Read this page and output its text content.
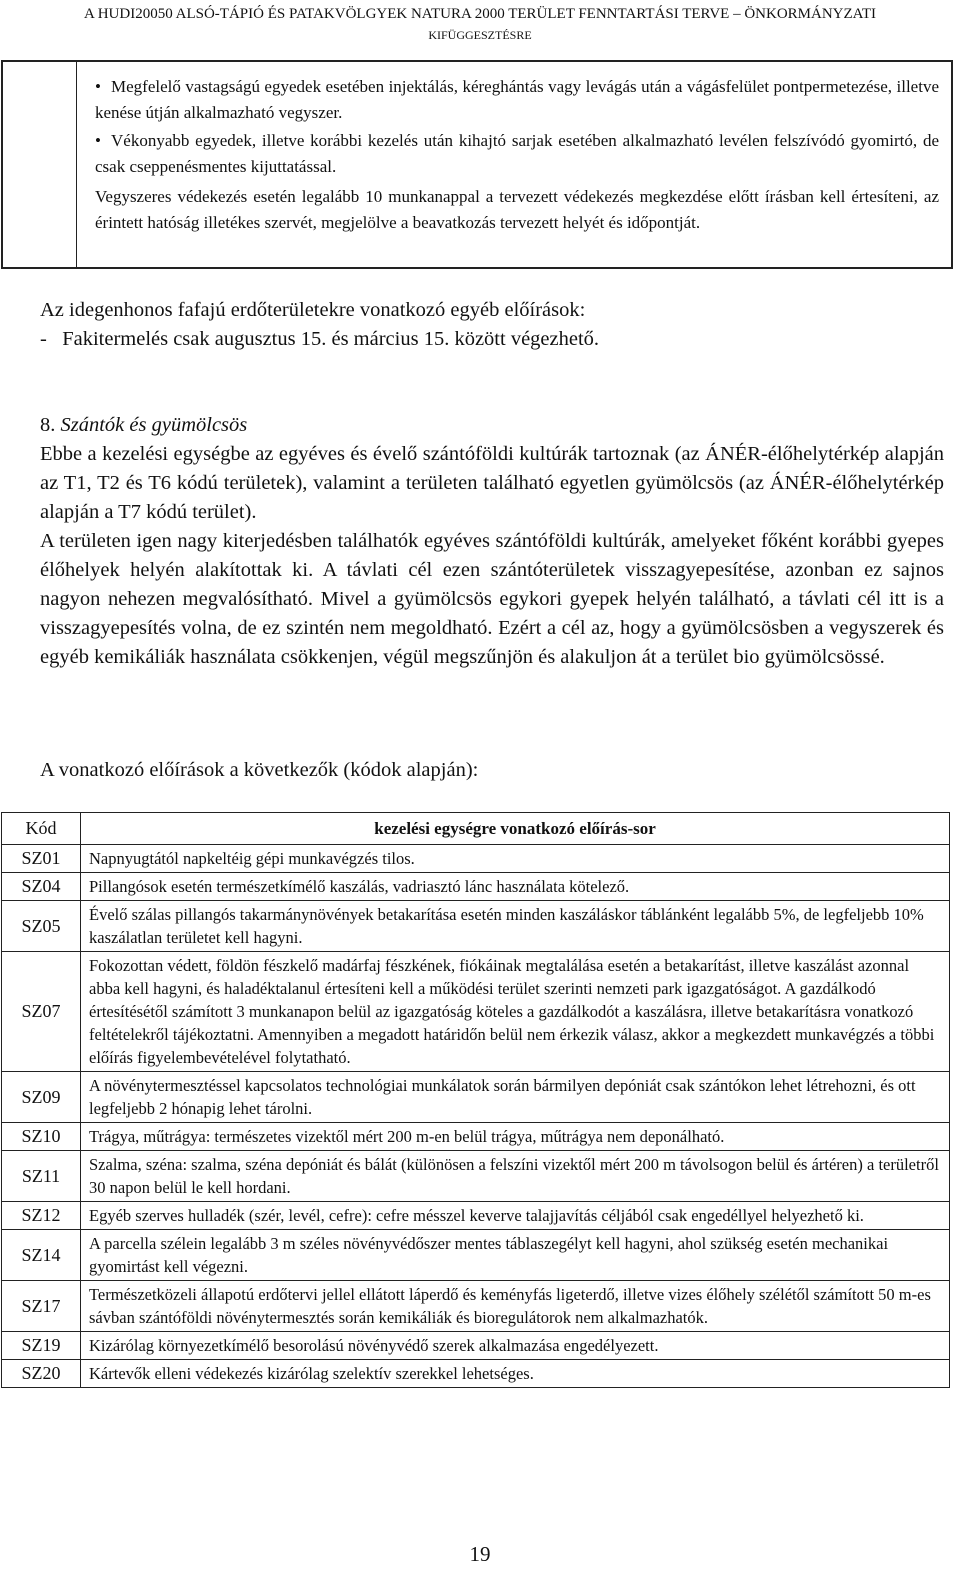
A HUDI20050 ALSÓ-TÁPIÓ ÉS PATAKVÖLGYEK NATURA 2000 TERÜLET FENNTARTÁSI TERVE – ÖNKORMÁNYZATI
KIFÜGGESZTÉSRE

• Megfelelő vastagságú egyedek esetében injektálás, kéreghántás vagy levágás után a vágásfelület pontpermetezése, illetve kenése útján alkalmazható vegyszer.

• Vékonyabb egyedek, illetve korábbi kezelés után kihajtó sarjak esetében alkalmazható levélen felszívódó gyomirtó, de csak cseppenésmentes kijuttatással.

Vegyszeres védekezés esetén legalább 10 munkanappal a tervezett védekezés megkezdése előtt írásban kell értesíteni, az érintett hatóság illetékes szervét, megjelölve a beavatkozás tervezett helyét és időpontját.

Az idegenhonos fafajú erdőterületekre vonatkozó egyéb előírások:
-   Fakitermelés csak augusztus 15. és március 15. között végezhető.
8. Szántók és gyümölcsös

Ebbe a kezelési egységbe az egyéves és évelő szántóföldi kultúrák tartoznak (az ÁNÉR-élőhelytérkép alapján az T1, T2 és T6 kódú területek), valamint a területen található egyetlen gyümölcsös (az ÁNÉR-élőhelytérkép alapján a T7 kódú terület).

A területen igen nagy kiterjedésben találhatók egyéves szántóföldi kultúrák, amelyeket főként korábbi gyepes élőhelyek helyén alakítottak ki. A távlati cél ezen szántóterületek visszagyepesítése, azonban ez sajnos nagyon nehezen megvalósítható. Mivel a gyümölcsös egykori gyepek helyén található, a távlati cél itt is a visszagyepesítés volna, de ez szintén nem megoldható. Ezért a cél az, hogy a gyümölcsösben a vegyszerek és egyéb kemikáliák használata csökkenjen, végül megszűnjön és alakuljon át a terület bio gyümölcsössé.

A vonatkozó előírások a következők (kódok alapján):
Kód	kezelési egységre vonatkozó előírás-sor
SZ01	Napnyugtától napkeltéig gépi munkavégzés tilos.
SZ04	Pillangósok esetén természetkímélő kaszálás, vadriasztó lánc használata kötelező.
SZ05	Évelő szálas pillangós takarmánynövények betakarítása esetén minden kaszáláskor táblánként legalább 5%, de legfeljebb 10% kaszálatlan területet kell hagyni.
SZ07	Fokozottan védett, földön fészkelő madárfaj fészkének, fiókáinak megtalálása esetén a betakarítást, illetve kaszálást azonnal abba kell hagyni, és haladéktalanul értesíteni kell a működési terület szerinti nemzeti park igazgatóságot. A gazdálkodó értesítésétől számított 3 munkanapon belül az igazgatóság köteles a gazdálkodót a kaszálásra, illetve betakarításra vonatkozó feltételekről tájékoztatni. Amennyiben a megadott határidőn belül nem érkezik válasz, akkor a megkezdett munkavégzés a többi előírás figyelembevételével folytatható.
SZ09	A növénytermesztéssel kapcsolatos technológiai munkálatok során bármilyen depóniát csak szántókon lehet létrehozni, és ott legfeljebb 2 hónapig lehet tárolni.
SZ10	Trágya, műtrágya: természetes vizektől mért 200 m-en belül trágya, műtrágya nem deponálható.
SZ11	Szalma, széna: szalma, széna depóniát és bálát (különösen a felszíni vizektől mért 200 m távolsogon belül és ártéren) a területről 30 napon belül le kell hordani.
SZ12	Egyéb szerves hulladék (szér, levél, cefre): cefre mésszel keverve talajjavítás céljából csak engedéllyel helyezhető ki.
SZ14	A parcella szélein legalább 3 m széles növényvédőszer mentes táblaszegélyt kell hagyni, ahol szükség esetén mechanikai gyomirtást kell végezni.
SZ17	Természetközeli állapotú erdőtervi jellel ellátott láperdő és keményfás ligeterdő, illetve vizes élőhely szélétől számított 50 m-es sávban szántóföldi növénytermesztés során kemikáliák és bioregulátorok nem alkalmazhatók.
SZ19	Kizárólag környezetkímélő besorolású növényvédő szerek alkalmazása engedélyezett.
SZ20	Kártevők elleni védekezés kizárólag szelektív szerekkel lehetséges.
19
